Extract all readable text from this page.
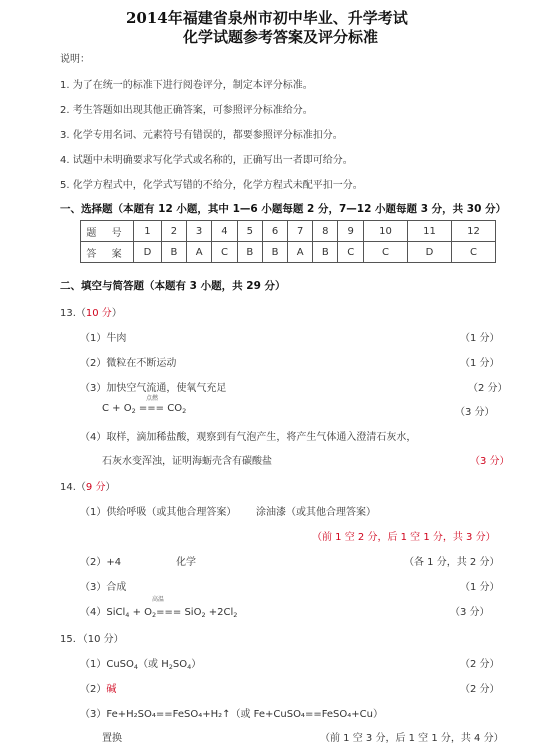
2014年福建省泉州市初中毕业、升学考试
化学试题参考答案及评分标准
说明：
1. 为了在统一的标准下进行阅卷评分，制定本评分标准。
2. 考生答题如出现其他正确答案，可参照评分标准给分。
3. 化学专用名词、元素符号有错误的，都要参照评分标准扣分。
4. 试题中未明确要求写化学式或名称的，正确写出一者即可给分。
5. 化学方程式中，化学式写错的不给分，化学方程式未配平扣一分。
一、选择题（本题有 12 小题，其中 1—6 小题每题 2 分，7—12 小题每题 3 分，共 30 分）
题 号	1	2	3	4	5	6	7	8	9	10	11	12
答 案	D	B	A	C	B	B	A	B	C	C	D	C
二、填空与简答题（本题有 3 小题，共 29 分）
13.（10 分）
（1）牛肉	（1 分）
（2）微粒在不断运动	（1 分）
（3）加快空气流通，使氧气充足	（2 分）
点燃
$C + O_2$ === $CO_2$	（3 分）
（4）取样，滴加稀盐酸，观察到有气泡产生，将产生气体通入澄清石灰水，
石灰水变浑浊，证明海蛎壳含有碳酸盐	（3 分）
14.（9 分）
（1）供给呼吸（或其他合理答案） 涂油漆（或其他合理答案）
（前 1 空 2 分，后 1 空 1 分，共 3 分）
（2）+4	化学	（各 1 分，共 2 分）
（3）合成	（1 分）
高温
（4）SiCl$_4$ + $O_2=== SiO_2 +2Cl_2$	（3 分）
15．（10 分）
（1）CuSO$_4$（或 $H_2SO_4$）	（2 分）
（2）碱	（2 分）
（3）Fe+H₂SO₄==FeSO₄+H₂↑（或 Fe+CuSO₄==FeSO₄+Cu）
置换	（前 1 空 3 分，后 1 空 1 分，共 4 分）
